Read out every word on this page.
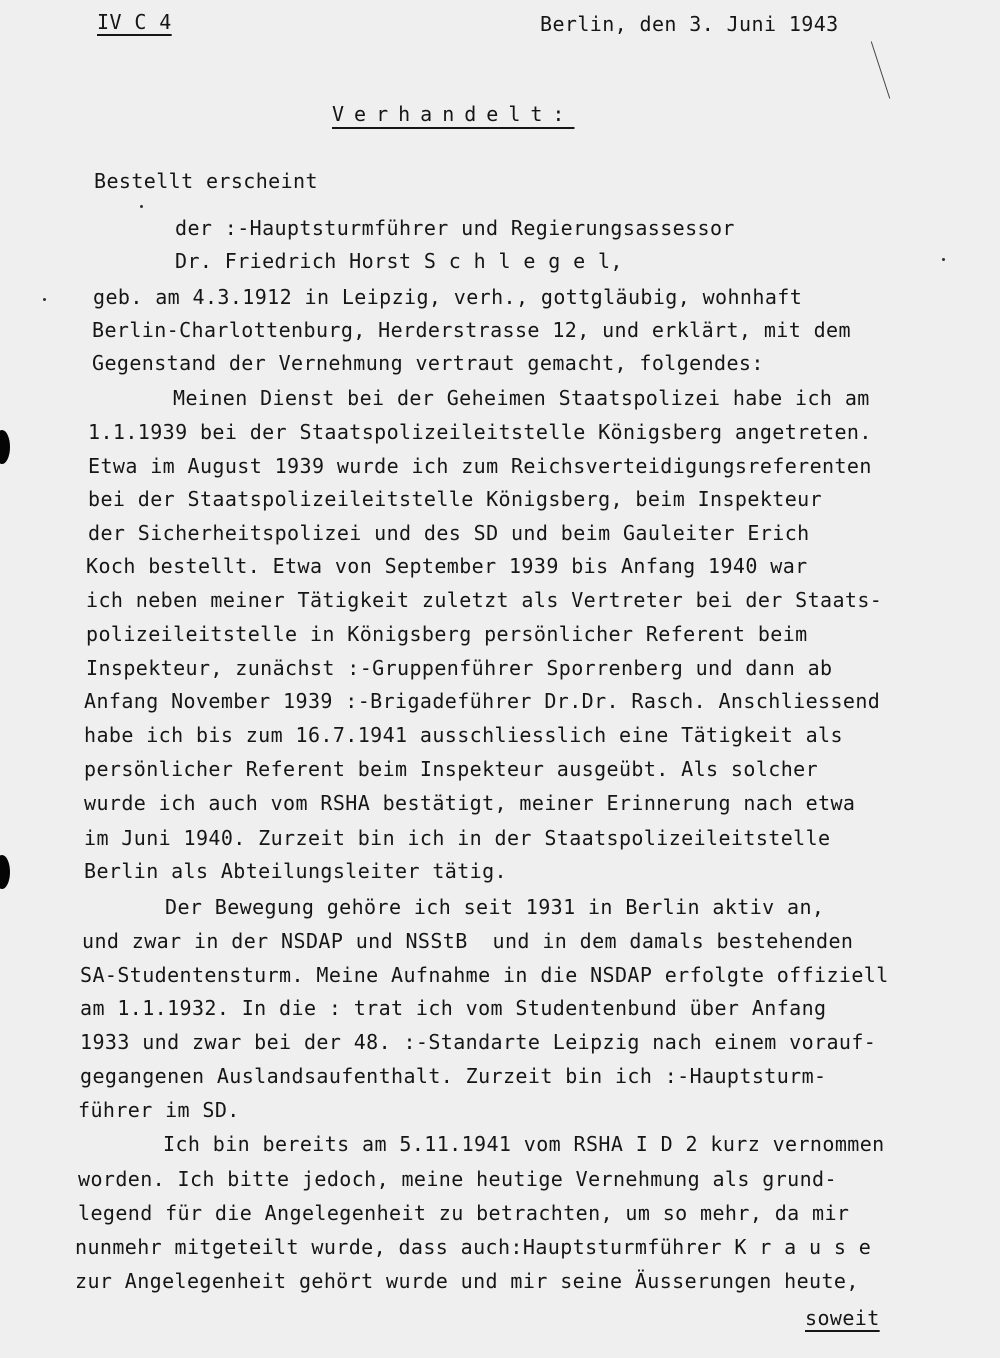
IV C 4	Berlin, den 3. Juni 1943
Verhandelt:
Bestellt erscheint
der ꞉-Hauptsturmführer und Regierungsassessor
Dr. Friedrich Horst S c h l e g e l,
geb. am 4.3.1912 in Leipzig, verh., gottgläubig, wohnhaft
Berlin-Charlottenburg, Herderstrasse 12, und erklärt, mit dem
Gegenstand der Vernehmung vertraut gemacht, folgendes:
Meinen Dienst bei der Geheimen Staatspolizei habe ich am
1.1.1939 bei der Staatspolizeileitstelle Königsberg angetreten.
Etwa im August 1939 wurde ich zum Reichsverteidigungsreferenten
bei der Staatspolizeileitstelle Königsberg, beim Inspekteur
der Sicherheitspolizei und des SD und beim Gauleiter Erich
Koch bestellt. Etwa von September 1939 bis Anfang 1940 war
ich neben meiner Tätigkeit zuletzt als Vertreter bei der Staats-
polizeileitstelle in Königsberg persönlicher Referent beim
Inspekteur, zunächst ꞉-Gruppenführer Sporrenberg und dann ab
Anfang November 1939 ꞉-Brigadeführer Dr.Dr. Rasch. Anschliessend
habe ich bis zum 16.7.1941 ausschliesslich eine Tätigkeit als
persönlicher Referent beim Inspekteur ausgeübt. Als solcher
wurde ich auch vom RSHA bestätigt, meiner Erinnerung nach etwa
im Juni 1940. Zurzeit bin ich in der Staatspolizeileitstelle
Berlin als Abteilungsleiter tätig.
Der Bewegung gehöre ich seit 1931 in Berlin aktiv an,
und zwar in der NSDAP und NSStB  und in dem damals bestehenden
SA-Studentensturm. Meine Aufnahme in die NSDAP erfolgte offiziell
am 1.1.1932. In die ꞉ trat ich vom Studentenbund über Anfang
1933 und zwar bei der 48. ꞉-Standarte Leipzig nach einem vorauf-
gegangenen Auslandsaufenthalt. Zurzeit bin ich ꞉-Hauptsturm-
führer im SD.
Ich bin bereits am 5.11.1941 vom RSHA I D 2 kurz vernommen
worden. Ich bitte jedoch, meine heutige Vernehmung als grund-
legend für die Angelegenheit zu betrachten, um so mehr, da mir
nunmehr mitgeteilt wurde, dass auch꞉Hauptsturmführer K r a u s e
zur Angelegenheit gehört wurde und mir seine Äusserungen heute,
soweit
